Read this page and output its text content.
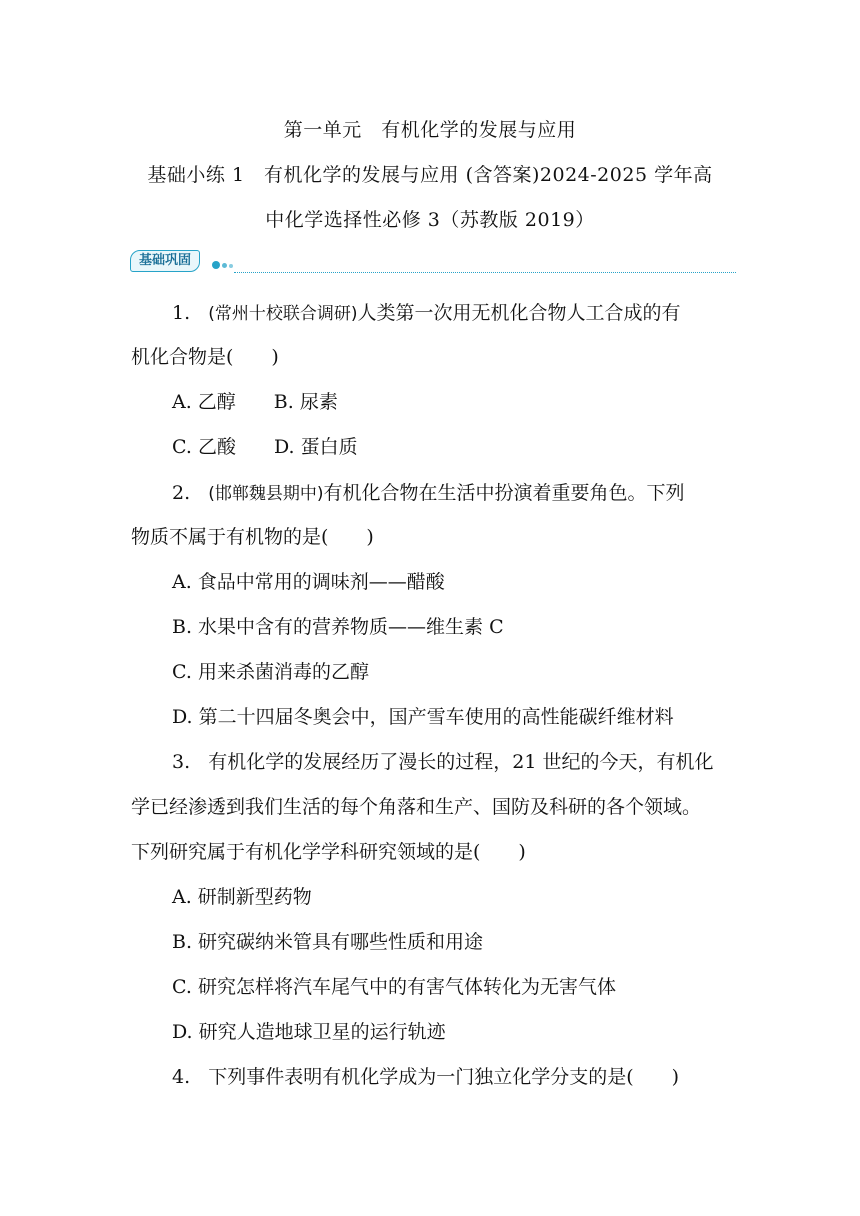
第一单元　有机化学的发展与应用
基础小练 1　有机化学的发展与应用 (含答案)2024-2025 学年高
中化学选择性必修 3（苏教版 2019）
基础巩固
1. (常州十校联合调研)人类第一次用无机化合物人工合成的有
机化合物是(　　)
A. 乙醇　　B. 尿素
C. 乙酸　　D. 蛋白质
2. (邯郸魏县期中)有机化合物在生活中扮演着重要角色。下列
物质不属于有机物的是(　　)
A. 食品中常用的调味剂——醋酸
B. 水果中含有的营养物质——维生素 C
C. 用来杀菌消毒的乙醇
D. 第二十四届冬奥会中，国产雪车使用的高性能碳纤维材料
3. 有机化学的发展经历了漫长的过程，21 世纪的今天，有机化
学已经渗透到我们生活的每个角落和生产、国防及科研的各个领域。
下列研究属于有机化学学科研究领域的是(　　)
A. 研制新型药物
B. 研究碳纳米管具有哪些性质和用途
C. 研究怎样将汽车尾气中的有害气体转化为无害气体
D. 研究人造地球卫星的运行轨迹
4. 下列事件表明有机化学成为一门独立化学分支的是(　　)
